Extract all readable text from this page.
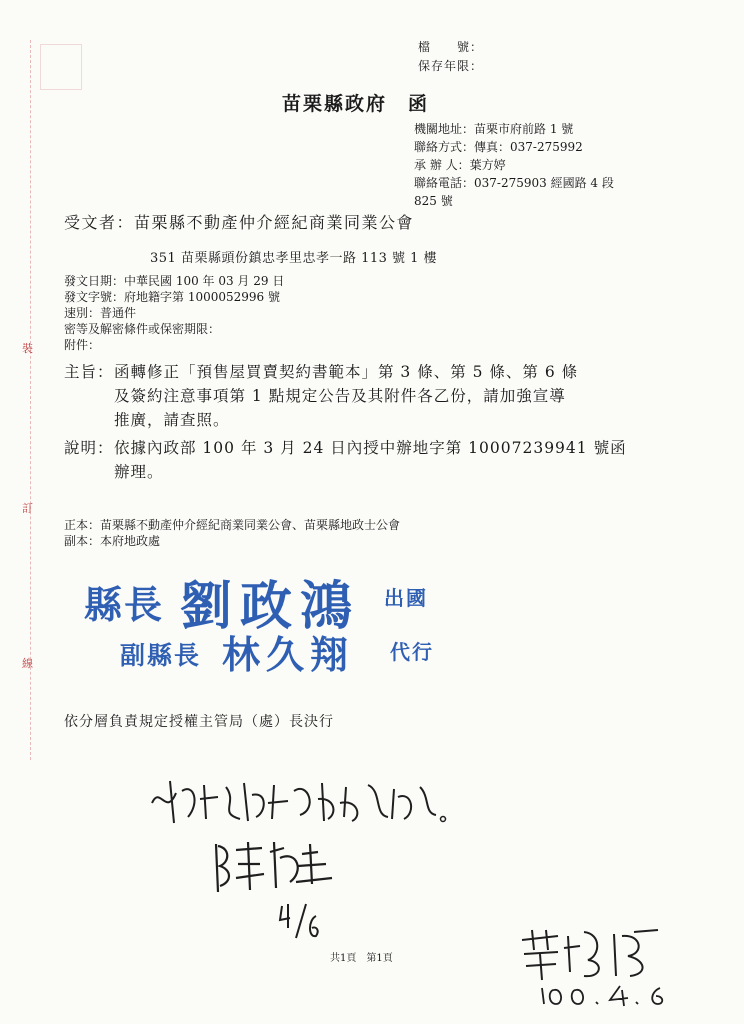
裝
訂
線
檔　　號：
保存年限：
苗栗縣政府　函
機關地址：苗栗市府前路 1 號
聯絡方式：傳真：037-275992
承 辦 人：葉方婷
聯絡電話：037-275903 經國路 4 段
825 號
受文者：苗栗縣不動產仲介經紀商業同業公會
351 苗栗縣頭份鎮忠孝里忠孝一路 113 號 1 樓
發文日期：中華民國 100 年 03 月 29 日
發文字號：府地籍字第 1000052996 號
速別：普通件
密等及解密條件或保密期限：
附件：
主旨： 函轉修正「預售屋買賣契約書範本」第 3 條、第 5 條、第 6 條
及簽約注意事項第 1 點規定公告及其附件各乙份，請加強宣導
推廣，請查照。
說明： 依據內政部 100 年 3 月 24 日內授中辦地字第 10007239941 號函
辦理。
正本：苗栗縣不動產仲介經紀商業同業公會、苗栗縣地政士公會
副本：本府地政處
縣長 劉政鴻 出國
副縣長 林久翔 代行
依分層負責規定授權主管局（處）長決行
共1頁　第1頁
